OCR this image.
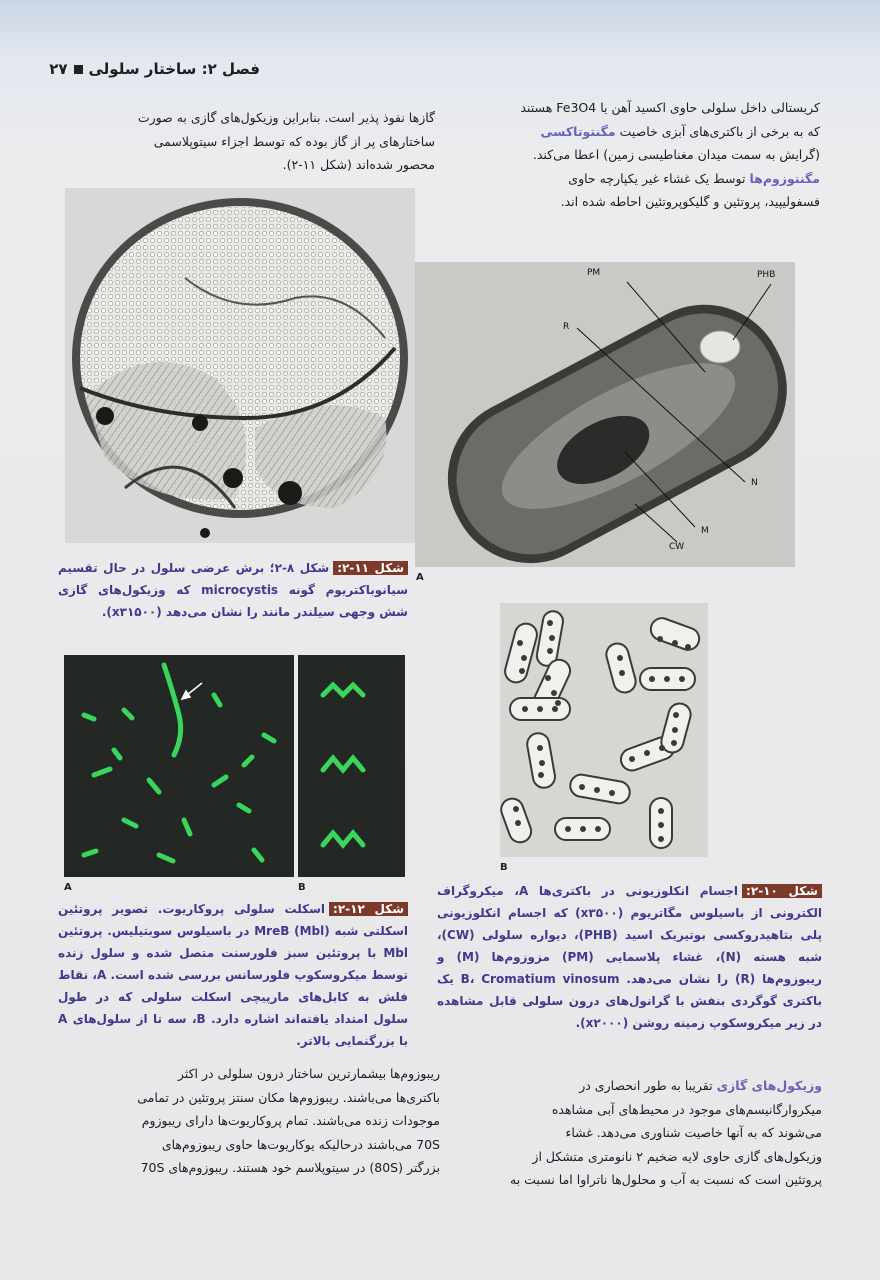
فصل ۲: ساختار سلولی۲۷
کریستالی داخل سلولی حاوی اکسید آهن یا Fe3O4 هستند
که به برخی از باکتری‌های آبزی خاصیت مگنتوتاکسی
(گرایش به سمت میدان مغناطیسی زمین) اعطا می‌کند.
مگنتوزوم‌ها توسط یک غشاء غیر یکپارچه حاوی
فسفولیپید، پروتئین و گلیکوپروتئین احاطه شده اند.
گازها نفوذ پذیر است. بنابراین وزیکول‌های گازی به صورت
ساختارهای پر از گاز بوده که توسط اجزاء سیتوپلاسمی
محصور شده‌اند (شکل ۱۱-۲).
PM	PHB
R
N
M
CW
A
B
شکل ۱۱-۲:شکل ۸-۲؛ برش عرضی سلول در حال تقسیم سیانوباکتریوم گونه microcystis که وزیکول‌های گازی شش وجهی سیلندر مانند را نشان می‌دهد (x۳۱۵۰۰).
A	B
شکل ۱۲-۲:اسکلت سلولی پروکاریوت. تصویر پروتئین اسکلتی شبه MreB (Mbl) در باسیلوس سوبتیلیس. پروتئین Mbl با پروتئین سبز فلورسنت متصل شده و سلول زنده توسط میکروسکوپ فلورسانس بررسی شده است. A، نقاط فلش به کابل‌های مارپیچی اسکلت سلولی که در طول سلول امتداد یافته‌اند اشاره دارد. B، سه تا از سلول‌های A با بزرگنمایی بالاتر.
ریبوزوم‌ها بیشمارترین ساختار درون سلولی در اکثر
باکتری‌ها می‌باشند. ریبوزوم‌ها مکان سنتز پروتئین در تمامی
موجودات زنده می‌باشند. تمام پروکاریوت‌ها دارای ریبوزوم
70S می‌باشند درحالیکه یوکاریوت‌ها حاوی ریبوزوم‌های
بزرگتر (80S) در سیتوپلاسم خود هستند. ریبوزوم‌های 70S
شکل ۱۰-۲:اجسام انکلوزیونی در باکتری‌ها A، میکروگراف الکترونی از باسیلوس مگاتریوم (x۳۵۰۰) که اجسام انکلوزیونی پلی بتاهیدروکسی بوتیریک اسید (PHB)، دیواره سلولی (CW)، شبه هسته (N)، غشاء پلاسمایی (PM) مزوزوم‌ها (M) و ریبوزوم‌ها (R) را نشان می‌دهد. B، Cromatium vinosum یک باکتری گوگردی بنفش با گرانول‌های درون سلولی قابل مشاهده در زیر میکروسکوپ زمینه روشن (x۲۰۰۰).
وزیکول‌های گازی تقریبا به طور انحصاری در
میکروارگانیسم‌های موجود در محیط‌های آبی مشاهده
می‌شوند که به آنها خاصیت شناوری می‌دهد. غشاء
وزیکول‌های گازی حاوی لایه ضخیم ۲ نانومتری متشکل از
پروتئین است که نسبت به آب و محلول‌ها ناتراوا اما نسبت به
